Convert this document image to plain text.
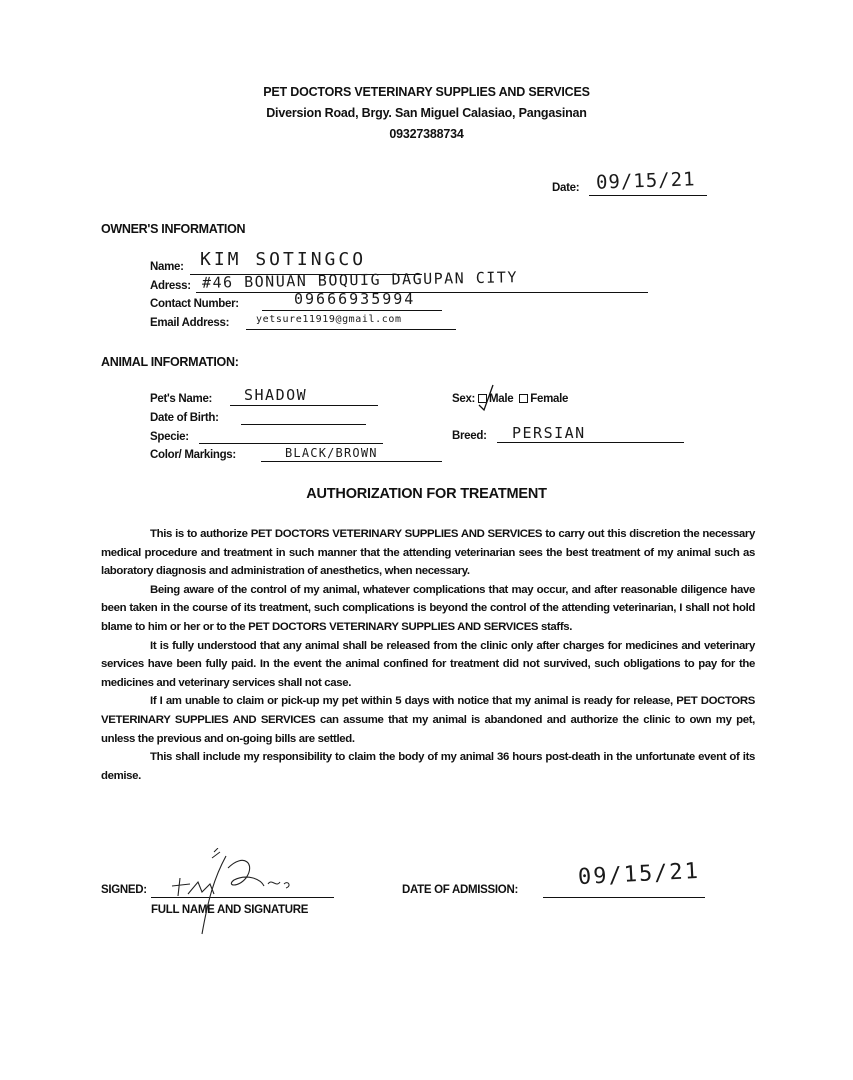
PET DOCTORS VETERINARY SUPPLIES AND SERVICES
Diversion Road, Brgy. San Miguel Calasiao, Pangasinan
09327388734
Date: 09/15/21
OWNER'S INFORMATION
Name: KIM SOTINGCO
Adress: #46 BONUAN BOQUIG DAGUPAN CITY
Contact Number:	09666935994
Email Address:	yetsure11919@gmail.com
ANIMAL INFORMATION:
Pet's Name: SHADOW
Date of Birth:
Specie:
Color/ Markings:	BLACK/BROWN
Sex: Male Female
Breed: PERSIAN
AUTHORIZATION FOR TREATMENT

This is to authorize PET DOCTORS VETERINARY SUPPLIES AND SERVICES to carry out this discretion the necessary medical procedure and treatment in such manner that the attending veterinarian sees the best treatment of my animal such as laboratory diagnosis and administration of anesthetics, when necessary.

Being aware of the control of my animal, whatever complications that may occur, and after reasonable diligence have been taken in the course of its treatment, such complications is beyond the control of the attending veterinarian, I shall not hold blame to him or her or to the PET DOCTORS VETERINARY SUPPLIES AND SERVICES staffs.

It is fully understood that any animal shall be released from the clinic only after charges for medicines and veterinary services have been fully paid. In the event the animal confined for treatment did not survived, such obligations to pay for the medicines and veterinary services shall not case.

If I am unable to claim or pick-up my pet within 5 days with notice that my animal is ready for release, PET DOCTORS VETERINARY SUPPLIES AND SERVICES can assume that my animal is abandoned and authorize the clinic to own my pet, unless the previous and on-going bills are settled.

This shall include my responsibility to claim the body of my animal 36 hours post-death in the unfortunate event of its demise.

SIGNED:
FULL NAME AND SIGNATURE
DATE OF ADMISSION:	09/15/21
